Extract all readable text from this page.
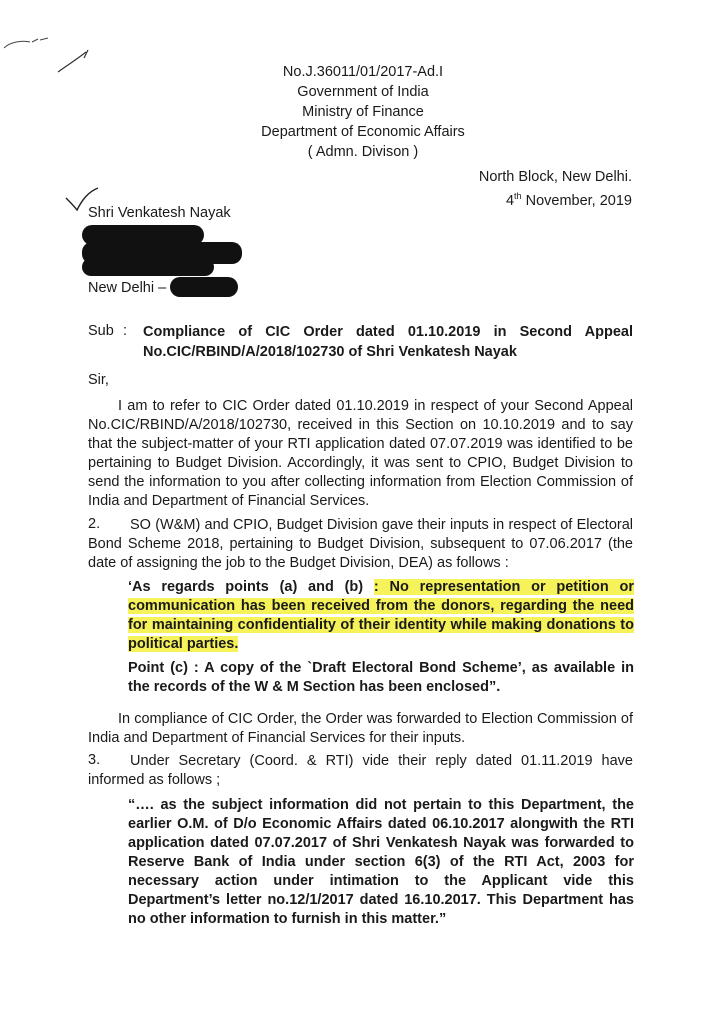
No.J.36011/01/2017-Ad.I
Government of India
Ministry of Finance
Department of Economic Affairs
( Admn. Divison )
North Block, New Delhi.
4th November, 2019
Shri Venkatesh Nayak
New Delhi –
Sub : Compliance of CIC Order dated 01.10.2019 in Second Appeal No.CIC/RBIND/A/2018/102730 of Shri Venkatesh Nayak
Sir,
I am to refer to CIC Order dated 01.10.2019 in respect of your Second Appeal No.CIC/RBIND/A/2018/102730, received in this Section on 10.10.2019 and to say that the subject-matter of your RTI application dated 07.07.2019 was identified to be pertaining to Budget Division. Accordingly, it was sent to CPIO, Budget Division to send the information to you after collecting information from Election Commission of India and Department of Financial Services.
2.	SO (W&M) and CPIO, Budget Division gave their inputs in respect of Electoral Bond Scheme 2018, pertaining to Budget Division, subsequent to 07.06.2017 (the date of assigning the job to the Budget Division, DEA) as follows :
‘As regards points (a) and (b) : No representation or petition or communication has been received from the donors, regarding the need for maintaining confidentiality of their identity while making donations to political parties.
Point (c) : A copy of the `Draft Electoral Bond Scheme’, as available in the records of the W & M Section has been enclosed”.
In compliance of CIC Order, the Order was forwarded to Election Commission of India and Department of Financial Services for their inputs.
3.	Under Secretary (Coord. & RTI) vide their reply dated 01.11.2019 have informed as follows ;
“…. as the subject information did not pertain to this Department, the earlier O.M. of D/o Economic Affairs dated 06.10.2017 alongwith the RTI application dated 07.07.2017 of Shri Venkatesh Nayak was forwarded to Reserve Bank of India under section 6(3) of the RTI Act, 2003 for necessary action under intimation to the Applicant vide this Department’s letter no.12/1/2017 dated 16.10.2017. This Department has no other information to furnish in this matter.”
